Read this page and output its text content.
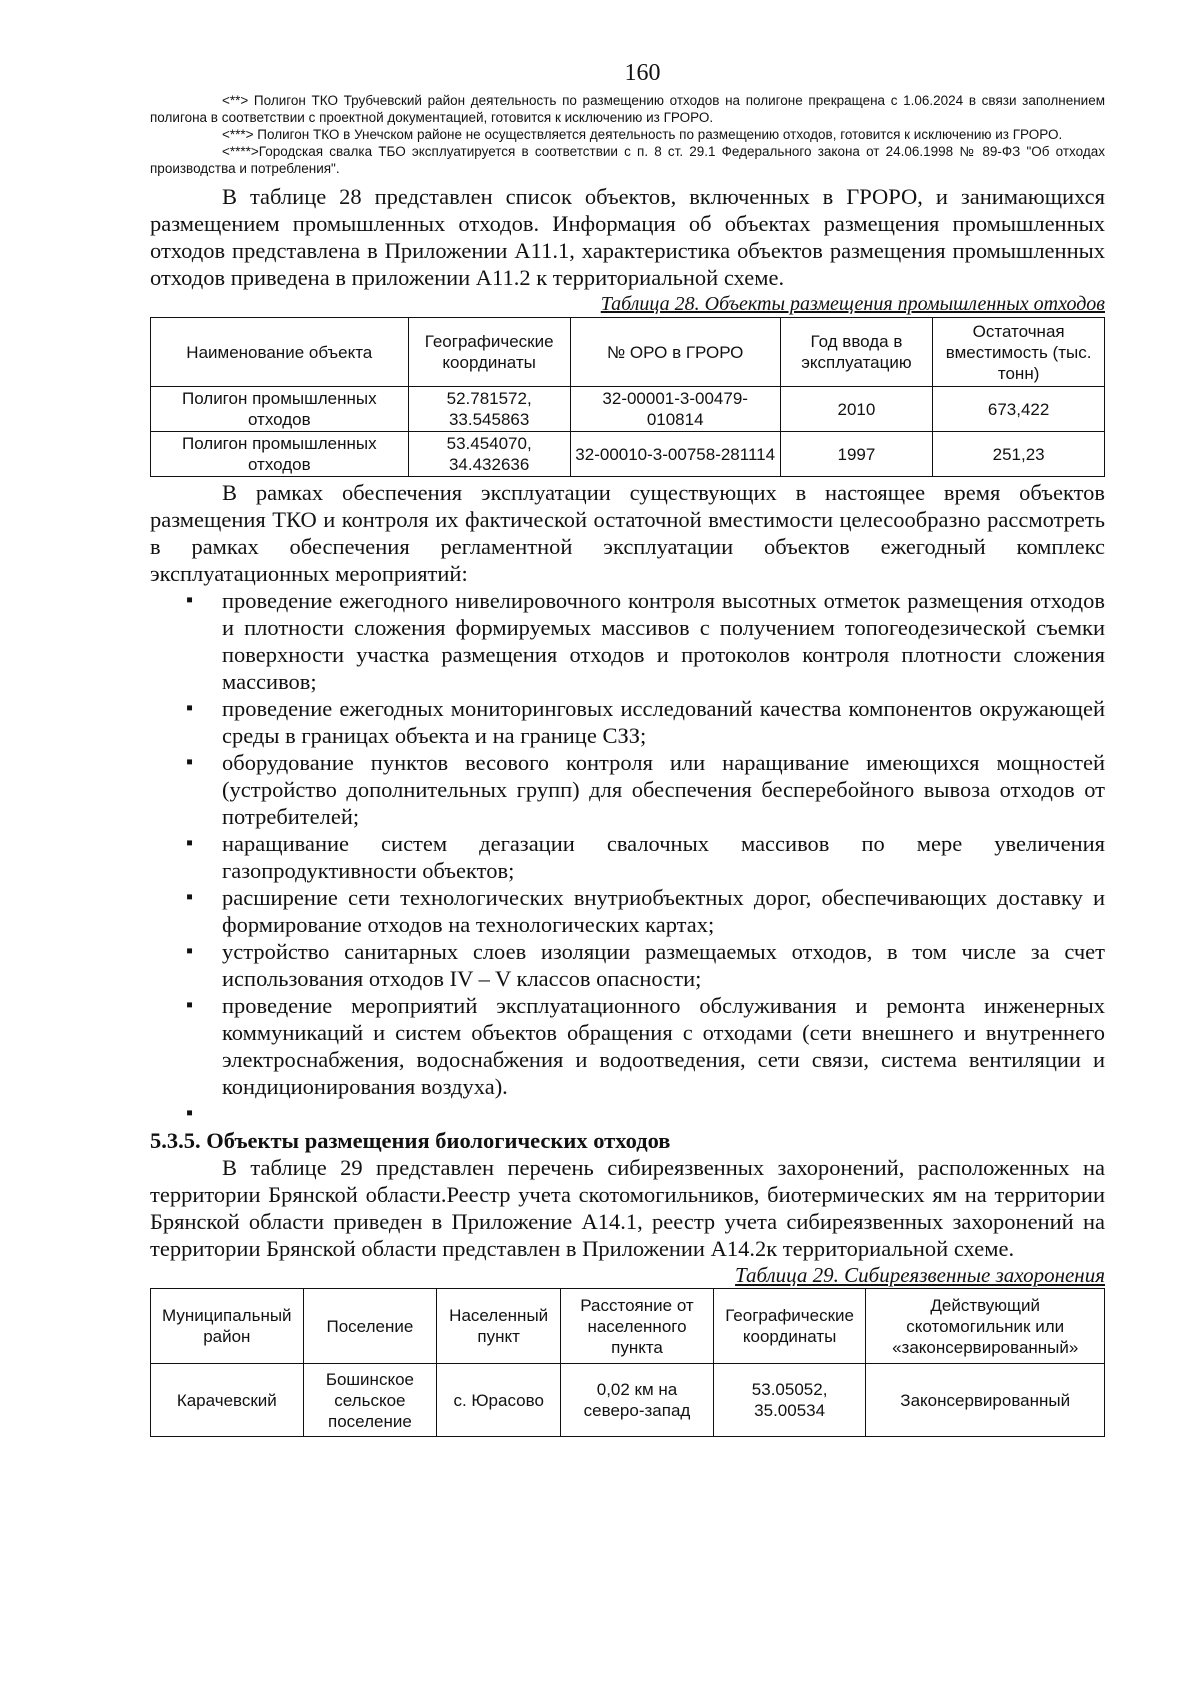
160

<**> Полигон ТКО Трубчевский район деятельность по размещению отходов на полигоне прекращена с 1.06.2024 в связи заполнением полигона в соответствии с проектной документацией, готовится к исключению из ГРОРО.

<***> Полигон ТКО в Унечском районе не осуществляется деятельность по размещению отходов, готовится к исключению из ГРОРО.

<****>Городская свалка ТБО эксплуатируется в соответствии с п. 8 ст. 29.1 Федерального закона от 24.06.1998 № 89-ФЗ "Об отходах производства и потребления".

В таблице 28 представлен список объектов, включенных в ГРОРО, и занимающихся размещением промышленных отходов. Информация об объектах размещения промышленных отходов представлена в Приложении А11.1, характеристика объектов размещения промышленных отходов приведена в приложении А11.2 к территориальной схеме.

Таблица 28. Объекты размещения промышленных отходов
Наименование объекта	Географические координаты	№ ОРО в ГРОРО	Год ввода в эксплуатацию	Остаточная вместимость (тыс. тонн)
Полигон промышленных отходов	52.781572, 33.545863	32-00001-3-00479-010814	2010	673,422
Полигон промышленных отходов	53.454070, 34.432636	32-00010-3-00758-281114	1997	251,23

В рамках обеспечения эксплуатации существующих в настоящее время объектов размещения ТКО и контроля их фактической остаточной вместимости целесообразно рассмотреть в рамках обеспечения регламентной эксплуатации объектов ежегодный комплекс эксплуатационных мероприятий:

▪ проведение ежегодного нивелировочного контроля высотных отметок размещения отходов и плотности сложения формируемых массивов с получением топогеодезической съемки поверхности участка размещения отходов и протоколов контроля плотности сложения массивов;
▪ проведение ежегодных мониторинговых исследований качества компонентов окружающей среды в границах объекта и на границе СЗЗ;
▪ оборудование пунктов весового контроля или наращивание имеющихся мощностей (устройство дополнительных групп) для обеспечения бесперебойного вывоза отходов от потребителей;
▪ наращивание систем дегазации свалочных массивов по мере увеличения газопродуктивности объектов;
▪ расширение сети технологических внутриобъектных дорог, обеспечивающих доставку и формирование отходов на технологических картах;
▪ устройство санитарных слоев изоляции размещаемых отходов, в том числе за счет использования отходов IV – V классов опасности;
▪ проведение мероприятий эксплуатационного обслуживания и ремонта инженерных коммуникаций и систем объектов обращения с отходами (сети внешнего и внутреннего электроснабжения, водоснабжения и водоотведения, сети связи, система вентиляции и кондиционирования воздуха).
▪

5.3.5. Объекты размещения биологических отходов

В таблице 29 представлен перечень сибиреязвенных захоронений, расположенных на территории Брянской области.Реестр учета скотомогильников, биотермических ям на территории Брянской области приведен в Приложение А14.1, реестр учета сибиреязвенных захоронений на территории Брянской области представлен в Приложении А14.2к территориальной схеме.

Таблица 29. Сибиреязвенные захоронения
Муниципальный район	Поселение	Населенный пункт	Расстояние от населенного пункта	Географические координаты	Действующий скотомогильник или «законсервированный»
Карачевский	Бошинское сельское поселение	с. Юрасово	0,02 км на северо-запад	53.05052, 35.00534	Законсервированный
